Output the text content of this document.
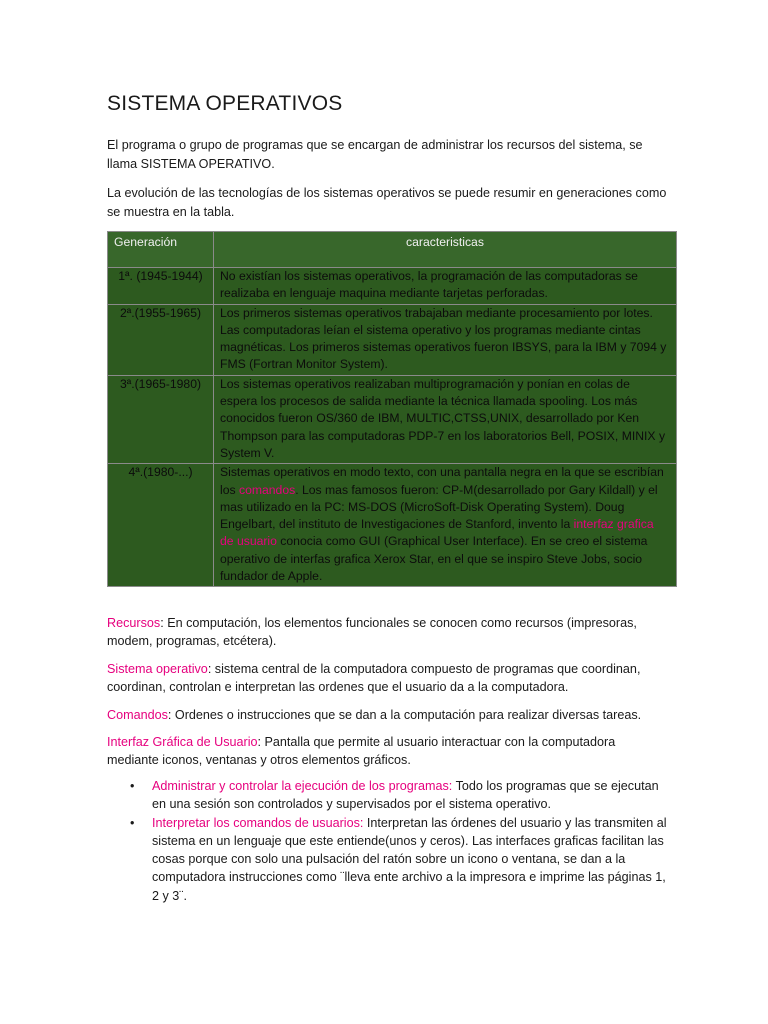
SISTEMA OPERATIVOS

El programa o grupo de programas que se encargan de administrar los recursos del sistema, se llama SISTEMA OPERATIVO.

La evolución de las tecnologías de los sistemas operativos se puede resumir en generaciones como se muestra en la tabla.

Generación	caracteristicas
1ª. (1945-1944)	No existían los sistemas operativos, la programación de las computadoras se realizaba en lenguaje maquina mediante tarjetas perforadas.
2ª.(1955-1965)	Los primeros sistemas operativos trabajaban mediante procesamiento por lotes. Las computadoras leían el sistema operativo y los programas mediante cintas magnéticas. Los primeros sistemas operativos fueron IBSYS, para la IBM y 7094 y FMS (Fortran Monitor System).
3ª.(1965-1980)	Los sistemas operativos realizaban multiprogramación y ponían en colas de espera los procesos de salida mediante la técnica llamada spooling. Los más conocidos fueron OS/360 de IBM, MULTIC,CTSS,UNIX, desarrollado por Ken Thompson para las computadoras PDP-7 en los laboratorios Bell, POSIX, MINIX y System V.
4ª.(1980-...)	Sistemas operativos en modo texto, con una pantalla negra en la que se escribían los comandos. Los mas famosos fueron: CP-M(desarrollado por Gary Kildall) y el mas utilizado en la PC: MS-DOS (MicroSoft-Disk Operating System). Doug Engelbart, del instituto de Investigaciones de Stanford, invento la interfaz grafica de usuario conocia como GUI (Graphical User Interface). En se creo el sistema operativo de interfas grafica Xerox Star, en el que se inspiro Steve Jobs, socio fundador de Apple.

Recursos: En computación, los elementos funcionales se conocen como recursos (impresoras, modem, programas, etcétera).

Sistema operativo: sistema central de la computadora compuesto de programas que coordinan, coordinan, controlan e interpretan las ordenes que el usuario da a la computadora.

Comandos: Ordenes o instrucciones que se dan a la computación para realizar diversas tareas.

Interfaz Gráfica de Usuario: Pantalla que permite al usuario interactuar con la computadora mediante iconos, ventanas y otros elementos gráficos.

• Administrar y controlar la ejecución de los programas: Todo los programas que se ejecutan en una sesión son controlados y supervisados por el sistema operativo.
• Interpretar los comandos de usuarios: Interpretan las órdenes del usuario y las transmiten al sistema en un lenguaje que este entiende(unos y ceros). Las interfaces graficas facilitan las cosas porque con solo una pulsación del ratón sobre un icono o ventana, se dan a la computadora instrucciones como ¨lleva ente archivo a la impresora e imprime las páginas 1, 2 y 3¨.
